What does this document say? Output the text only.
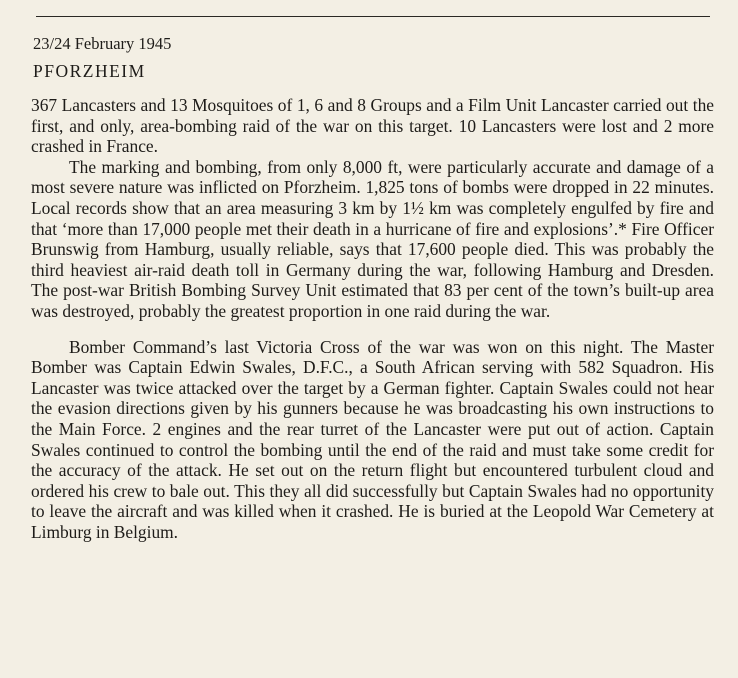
23/24 February 1945
PFORZHEIM

367 Lancasters and 13 Mosquitoes of 1, 6 and 8 Groups and a Film Unit Lancaster carried out the first, and only, area-bombing raid of the war on this target. 10 Lancasters were lost and 2 more crashed in France.

The marking and bombing, from only 8,000 ft, were particularly accurate and damage of a most severe nature was inflicted on Pforzheim. 1,825 tons of bombs were dropped in 22 minutes. Local records show that an area measuring 3 km by 1½ km was completely engulfed by fire and that ‘more than 17,000 people met their death in a hurricane of fire and explosions’.* Fire Officer Brunswig from Hamburg, usually reliable, says that 17,600 people died. This was probably the third heaviest air-raid death toll in Germany during the war, following Hamburg and Dresden. The post-war British Bombing Survey Unit estimated that 83 per cent of the town’s built-up area was destroyed, probably the greatest proportion in one raid during the war.

Bomber Command’s last Victoria Cross of the war was won on this night. The Master Bomber was Captain Edwin Swales, D.F.C., a South African serving with 582 Squadron. His Lancaster was twice attacked over the target by a German fighter. Captain Swales could not hear the evasion directions given by his gunners because he was broadcasting his own instructions to the Main Force. 2 engines and the rear turret of the Lancaster were put out of action. Captain Swales continued to control the bombing until the end of the raid and must take some credit for the accuracy of the attack. He set out on the return flight but encountered turbulent cloud and ordered his crew to bale out. This they all did successfully but Captain Swales had no opportunity to leave the aircraft and was killed when it crashed. He is buried at the Leopold War Cemetery at Limburg in Belgium.
